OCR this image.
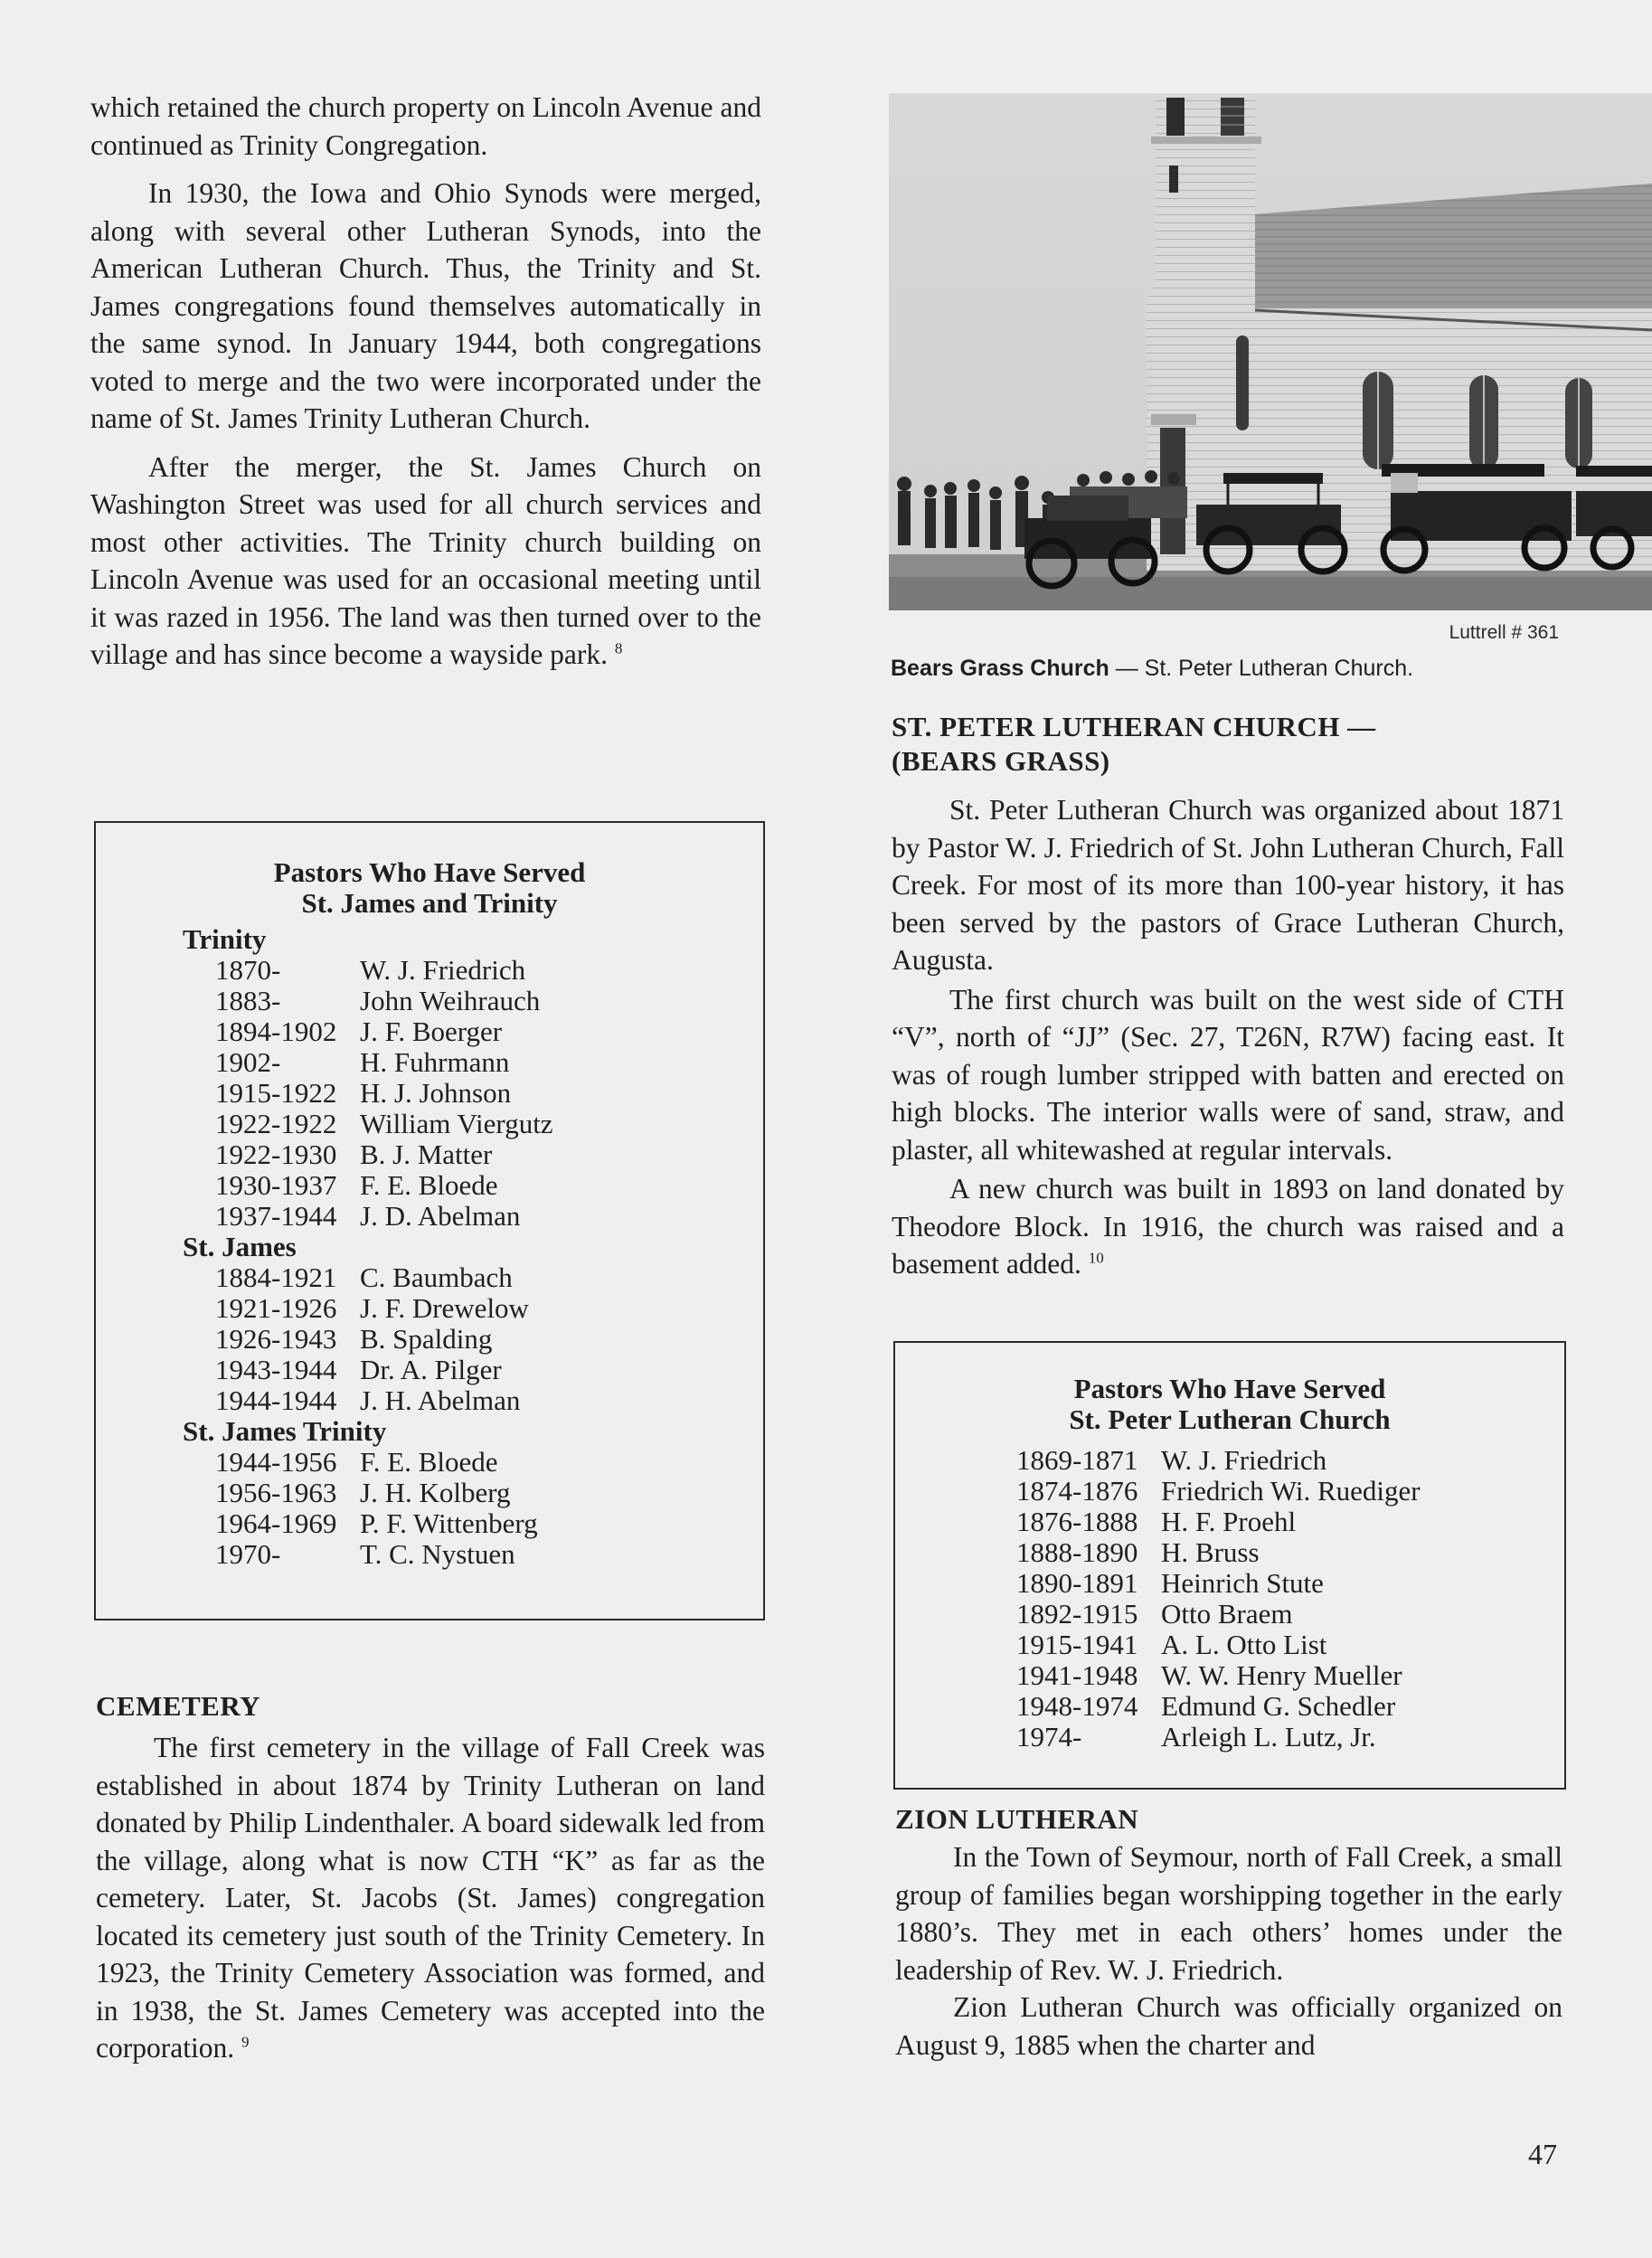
which retained the church property on Lincoln Avenue and continued as Trinity Congregation.

In 1930, the Iowa and Ohio Synods were merged, along with several other Lutheran Synods, into the American Lutheran Church. Thus, the Trinity and St. James congregations found themselves automatically in the same synod. In January 1944, both congregations voted to merge and the two were incorporated under the name of St. James Trinity Lutheran Church.

After the merger, the St. James Church on Washington Street was used for all church services and most other activities. The Trinity church building on Lincoln Avenue was used for an occasional meeting until it was razed in 1956. The land was then turned over to the village and has since become a wayside park. $^8$

Pastors Who Have Served
St. James and Trinity
Trinity
1870-	W. J. Friedrich
1883-	John Weihrauch
1894-1902 J. F. Boerger
1902-	H. Fuhrmann
1915-1922 H. J. Johnson
1922-1922 William Viergutz
1922-1930 B. J. Matter
1930-1937 F. E. Bloede
1937-1944 J. D. Abelman
St. James
1884-1921 C. Baumbach
1921-1926 J. F. Drewelow
1926-1943 B. Spalding
1943-1944 Dr. A. Pilger
1944-1944 J. H. Abelman
St. James Trinity
1944-1956 F. E. Bloede
1956-1963 J. H. Kolberg
1964-1969 P. F. Wittenberg
1970-	T. C. Nystuen
CEMETERY

The first cemetery in the village of Fall Creek was established in about 1874 by Trinity Lutheran on land donated by Philip Lindenthaler. A board sidewalk led from the village, along what is now CTH “K” as far as the cemetery. Later, St. Jacobs (St. James) congregation located its cemetery just south of the Trinity Cemetery. In 1923, the Trinity Cemetery Association was formed, and in 1938, the St. James Cemetery was accepted into the corporation. $^9$

Luttrell # 361
Bears Grass Church — St. Peter Lutheran Church.
ST. PETER LUTHERAN CHURCH —
(BEARS GRASS)

St. Peter Lutheran Church was organized about 1871 by Pastor W. J. Friedrich of St. John Lutheran Church, Fall Creek. For most of its more than 100-year history, it has been served by the pastors of Grace Lutheran Church, Augusta.

The first church was built on the west side of CTH “V”, north of “JJ” (Sec. 27, T26N, R7W) facing east. It was of rough lumber stripped with batten and erected on high blocks. The interior walls were of sand, straw, and plaster, all whitewashed at regular intervals.

A new church was built in 1893 on land donated by Theodore Block. In 1916, the church was raised and a basement added. $^{10}$

Pastors Who Have Served
St. Peter Lutheran Church
1869-1871 W. J. Friedrich
1874-1876 Friedrich Wi. Ruediger
1876-1888 H. F. Proehl
1888-1890 H. Bruss
1890-1891 Heinrich Stute
1892-1915 Otto Braem
1915-1941 A. L. Otto List
1941-1948 W. W. Henry Mueller
1948-1974 Edmund G. Schedler
1974-	Arleigh L. Lutz, Jr.
ZION LUTHERAN

In the Town of Seymour, north of Fall Creek, a small group of families began worshipping together in the early 1880’s. They met in each others’ homes under the leadership of Rev. W. J. Friedrich.

Zion Lutheran Church was officially organized on August 9, 1885 when the charter and

47
